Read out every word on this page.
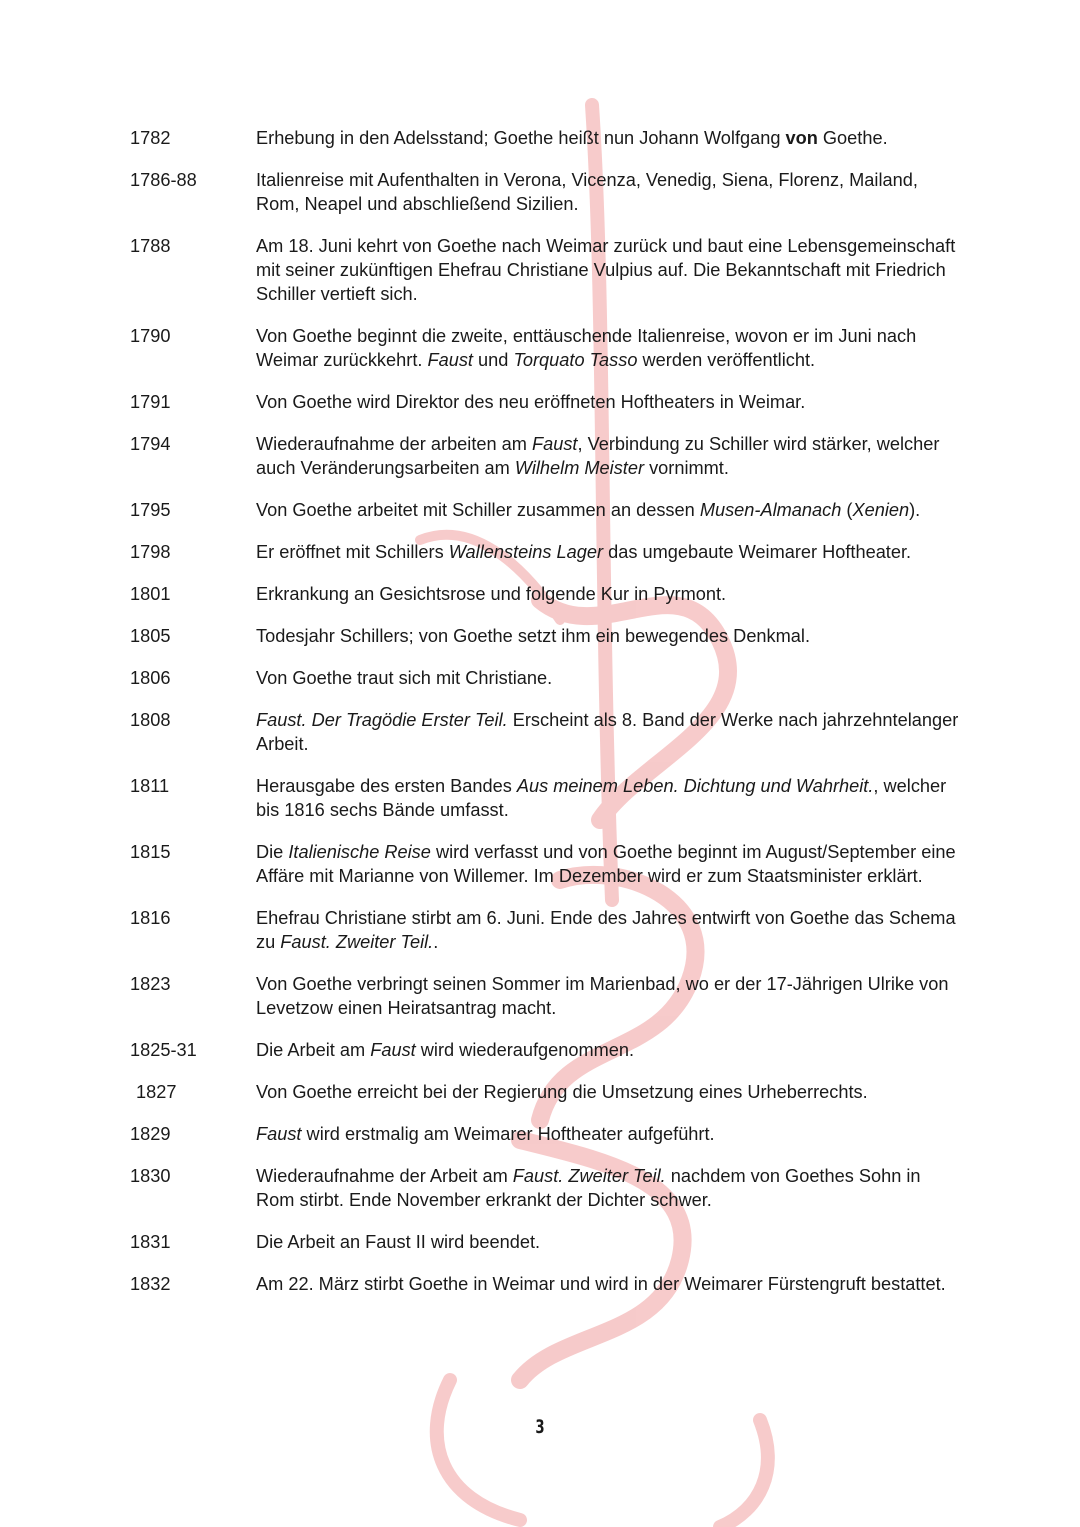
1782	Erhebung in den Adelsstand; Goethe heißt nun Johann Wolfgang von Goethe.
1786-88	Italienreise mit Aufenthalten in Verona, Vicenza, Venedig, Siena, Florenz, Mailand, Rom, Neapel und abschließend Sizilien.
1788	Am 18. Juni kehrt von Goethe nach Weimar zurück und baut eine Lebensgemeinschaft mit seiner zukünftigen Ehefrau Christiane Vulpius auf. Die Bekanntschaft mit Friedrich Schiller vertieft sich.
1790	Von Goethe beginnt die zweite, enttäuschende Italienreise, wovon er im Juni nach Weimar zurückkehrt. Faust und Torquato Tasso werden veröffentlicht.
1791	Von Goethe wird Direktor des neu eröffneten Hoftheaters in Weimar.
1794	Wiederaufnahme der arbeiten am Faust, Verbindung zu Schiller wird stärker, welcher auch Veränderungsarbeiten am Wilhelm Meister vornimmt.
1795	Von Goethe arbeitet mit Schiller zusammen an dessen Musen-Almanach (Xenien).
1798	Er eröffnet mit Schillers Wallensteins Lager das umgebaute Weimarer Hoftheater.
1801	Erkrankung an Gesichtsrose und folgende Kur in Pyrmont.
1805	Todesjahr Schillers; von Goethe setzt ihm ein bewegendes Denkmal.
1806	Von Goethe traut sich mit Christiane.
1808	Faust. Der Tragödie Erster Teil. Erscheint als 8. Band der Werke nach jahrzehntelanger Arbeit.
1811	Herausgabe des ersten Bandes Aus meinem Leben. Dichtung und Wahrheit., welcher bis 1816 sechs Bände umfasst.
1815	Die Italienische Reise wird verfasst und von Goethe beginnt im August/September eine Affäre mit Marianne von Willemer. Im Dezember wird er zum Staatsminister erklärt.
1816	Ehefrau Christiane stirbt am 6. Juni. Ende des Jahres entwirft von Goethe das Schema zu Faust. Zweiter Teil..
1823	Von Goethe verbringt seinen Sommer im Marienbad, wo er der 17-Jährigen Ulrike von Levetzow einen Heiratsantrag macht.
1825-31	Die Arbeit am Faust wird wiederaufgenommen.
1827	Von Goethe erreicht bei der Regierung die Umsetzung eines Urheberrechts.
1829	Faust wird erstmalig am Weimarer Hoftheater aufgeführt.
1830	Wiederaufnahme der Arbeit am Faust. Zweiter Teil. nachdem von Goethes Sohn in Rom stirbt. Ende November erkrankt der Dichter schwer.
1831	Die Arbeit an Faust II wird beendet.
1832	Am 22. März stirbt Goethe in Weimar und wird in der Weimarer Fürstengruft bestattet.
3
